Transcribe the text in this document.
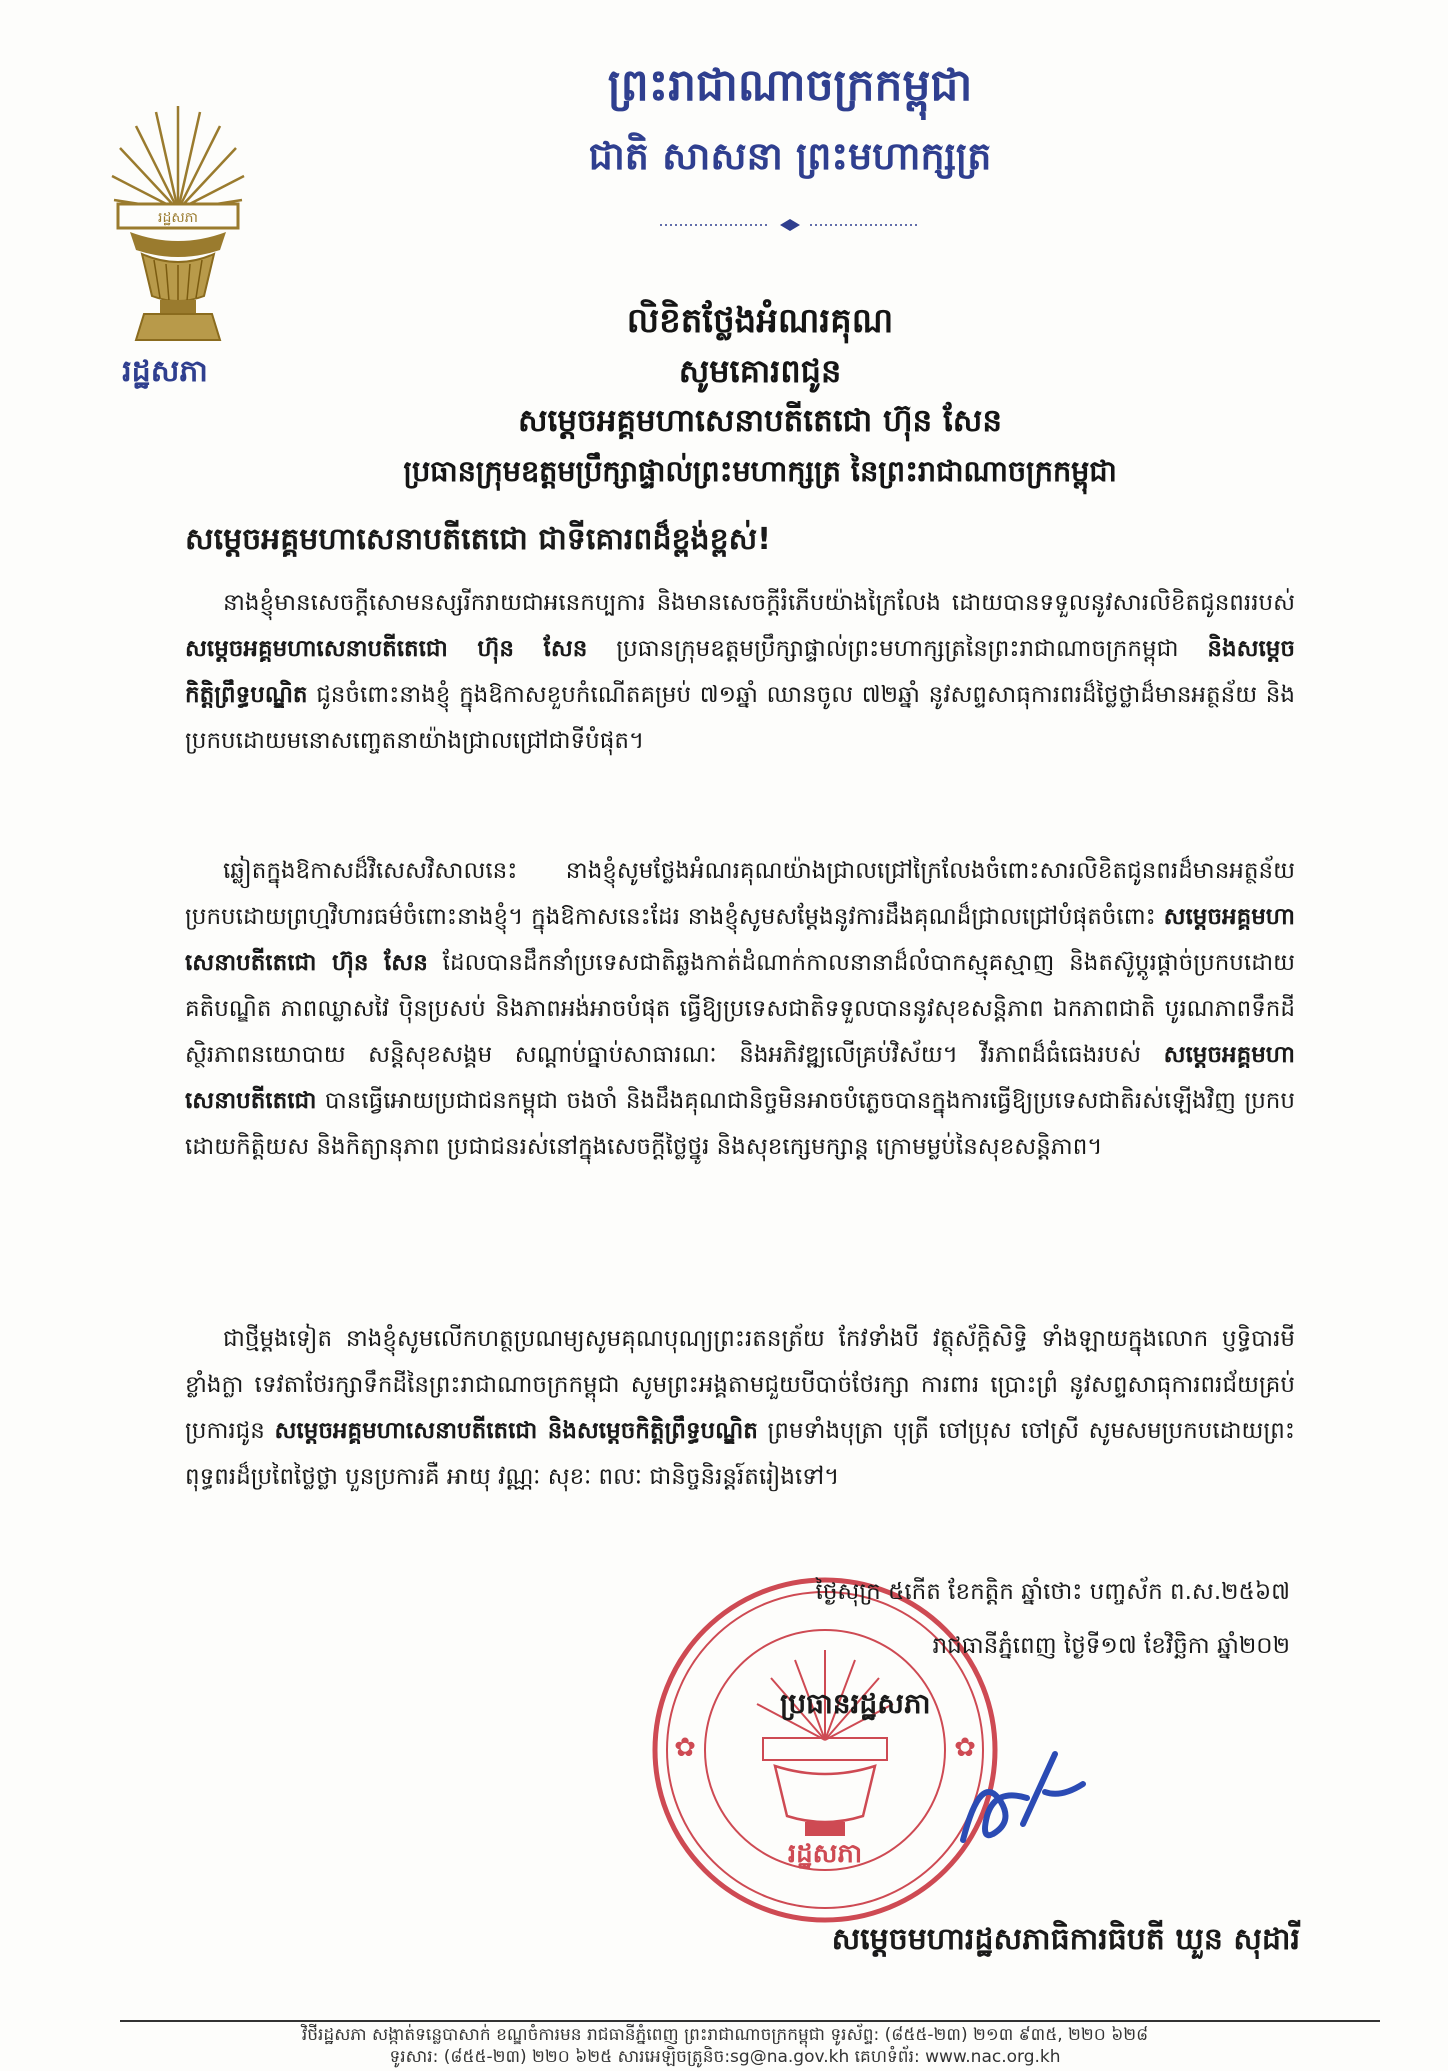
រដ្ឋសភា
រដ្ឋសភា
ព្រះរាជាណាចក្រកម្ពុជា
ជាតិ សាសនា ព្រះមហាក្សត្រ
លិខិតថ្លែងអំណរគុណ
សូមគោរពជូន
សម្តេចអគ្គមហាសេនាបតីតេជោ ហ៊ុន សែន
ប្រធានក្រុមឧត្តមប្រឹក្សាផ្ទាល់ព្រះមហាក្សត្រ នៃព្រះរាជាណាចក្រកម្ពុជា
សម្តេចអគ្គមហាសេនាបតីតេជោ ជាទីគោរពដ៏ខ្ពង់ខ្ពស់!

នាងខ្ញុំមានសេចក្តីសោមនស្សរីករាយជាអនេកប្បការ និងមានសេចក្តីរំភើបយ៉ាងក្រៃលែង ដោយបានទទួលនូវសារលិខិតជូនពររបស់ សម្តេចអគ្គមហាសេនាបតីតេជោ ហ៊ុន សែន ប្រធានក្រុមឧត្តមប្រឹក្សាផ្ទាល់ព្រះមហាក្សត្រនៃព្រះរាជាណាចក្រកម្ពុជា និងសម្តេចកិត្តិព្រឹទ្ធបណ្ឌិត ជូនចំពោះនាងខ្ញុំ ក្នុងឱកាសខួបកំណើតគម្រប់ ៧១ឆ្នាំ ឈានចូល ៧២ឆ្នាំ នូវសព្ទសាធុការពរដ៏ថ្លៃថ្លាដ៏មានអត្ថន័យ និងប្រកបដោយមនោសញ្ចេតនាយ៉ាងជ្រាលជ្រៅជាទីបំផុត។

ឆ្លៀតក្នុងឱកាសដ៏វិសេសវិសាលនេះ នាងខ្ញុំសូមថ្លែងអំណរគុណយ៉ាងជ្រាលជ្រៅក្រៃលែងចំពោះសារលិខិតជូនពរដ៏មានអត្ថន័យប្រកបដោយព្រហ្មវិហារធម៌ចំពោះនាងខ្ញុំ។ ក្នុងឱកាសនេះដែរ នាងខ្ញុំសូមសម្តែងនូវការដឹងគុណដ៏ជ្រាលជ្រៅបំផុតចំពោះ សម្តេចអគ្គមហាសេនាបតីតេជោ ហ៊ុន សែន ដែលបានដឹកនាំប្រទេសជាតិឆ្លងកាត់ដំណាក់កាលនានាដ៏លំបាកស្មុគស្មាញ និងតស៊ូប្តូរផ្តាច់ប្រកបដោយគតិបណ្ឌិត ភាពឈ្លាសវៃ ប៉ិនប្រសប់ និងភាពអង់អាចបំផុត ធ្វើឱ្យប្រទេសជាតិទទួលបាននូវសុខសន្តិភាព ឯកភាពជាតិ បូរណភាពទឹកដី ស្ថិរភាពនយោបាយ សន្តិសុខសង្គម សណ្តាប់ធ្នាប់សាធារណៈ និងអភិវឌ្ឍលើគ្រប់វិស័យ។ វីរភាពដ៏ធំធេងរបស់ សម្តេចអគ្គមហាសេនាបតីតេជោ បានធ្វើអោយប្រជាជនកម្ពុជា ចងចាំ និងដឹងគុណជានិច្ចមិនអាចបំភ្លេចបានក្នុងការធ្វើឱ្យប្រទេសជាតិរស់ឡើងវិញ ប្រកបដោយកិត្តិយស និងកិត្យានុភាព ប្រជាជនរស់នៅក្នុងសេចក្តីថ្លៃថ្នូរ និងសុខក្សេមក្សាន្ត ក្រោមម្លប់នៃសុខសន្តិភាព។

ជាថ្មីម្តងទៀត នាងខ្ញុំសូមលើកហត្ថប្រណម្យសូមគុណបុណ្យព្រះរតនត្រ័យ កែវទាំងបី វត្ថុស័ក្តិសិទ្ធិ ទាំងឡាយក្នុងលោក ប្ញទ្ធិបារមីខ្លាំងក្លា ទេវតាថែរក្សាទឹកដីនៃព្រះរាជាណាចក្រកម្ពុជា សូមព្រះអង្គតាមជួយបីបាច់ថែរក្សា ការពារ ប្រោះព្រំ នូវសព្ទសាធុការពរជ័យគ្រប់ប្រការជូន សម្តេចអគ្គមហាសេនាបតីតេជោ និងសម្តេចកិត្តិព្រឹទ្ធបណ្ឌិត ព្រមទាំងបុត្រា បុត្រី ចៅប្រុស ចៅស្រី សូមសមប្រកបដោយព្រះពុទ្ធពរដ៏ប្រពៃថ្លៃថ្លា បួនប្រការគឺ អាយុ វណ្ណៈ សុខៈ ពលៈ ជានិច្ចនិរន្តរ៍តរៀងទៅ។

✿	✿
រដ្ឋសភា
ថ្ងៃសុក្រ ៥កើត ខែកត្តិក ឆ្នាំថោះ បញ្ចស័ក ព.ស.២៥៦៧
រាជធានីភ្នំពេញ ថ្ងៃទី១៧ ខែវិច្ឆិកា ឆ្នាំ២០២
ប្រធានរដ្ឋសភា
សម្តេចមហារដ្ឋសភាធិការធិបតី ឃួន សុដារី
វិថីរដ្ឋសភា សង្កាត់ទន្លេបាសាក់ ខណ្ឌចំការមន រាជធានីភ្នំពេញ ព្រះរាជាណាចក្រកម្ពុជា ទូរស័ព្ទ: (៨៥៥-២៣) ២១៣ ៩៣៥, ២២០ ៦២៨
ទូរសារ: (៨៥៥-២៣) ២២០ ៦២៥ សារអេឡិចត្រូនិច:sg@na.gov.kh គេហទំព័រ: www.nac.org.kh
